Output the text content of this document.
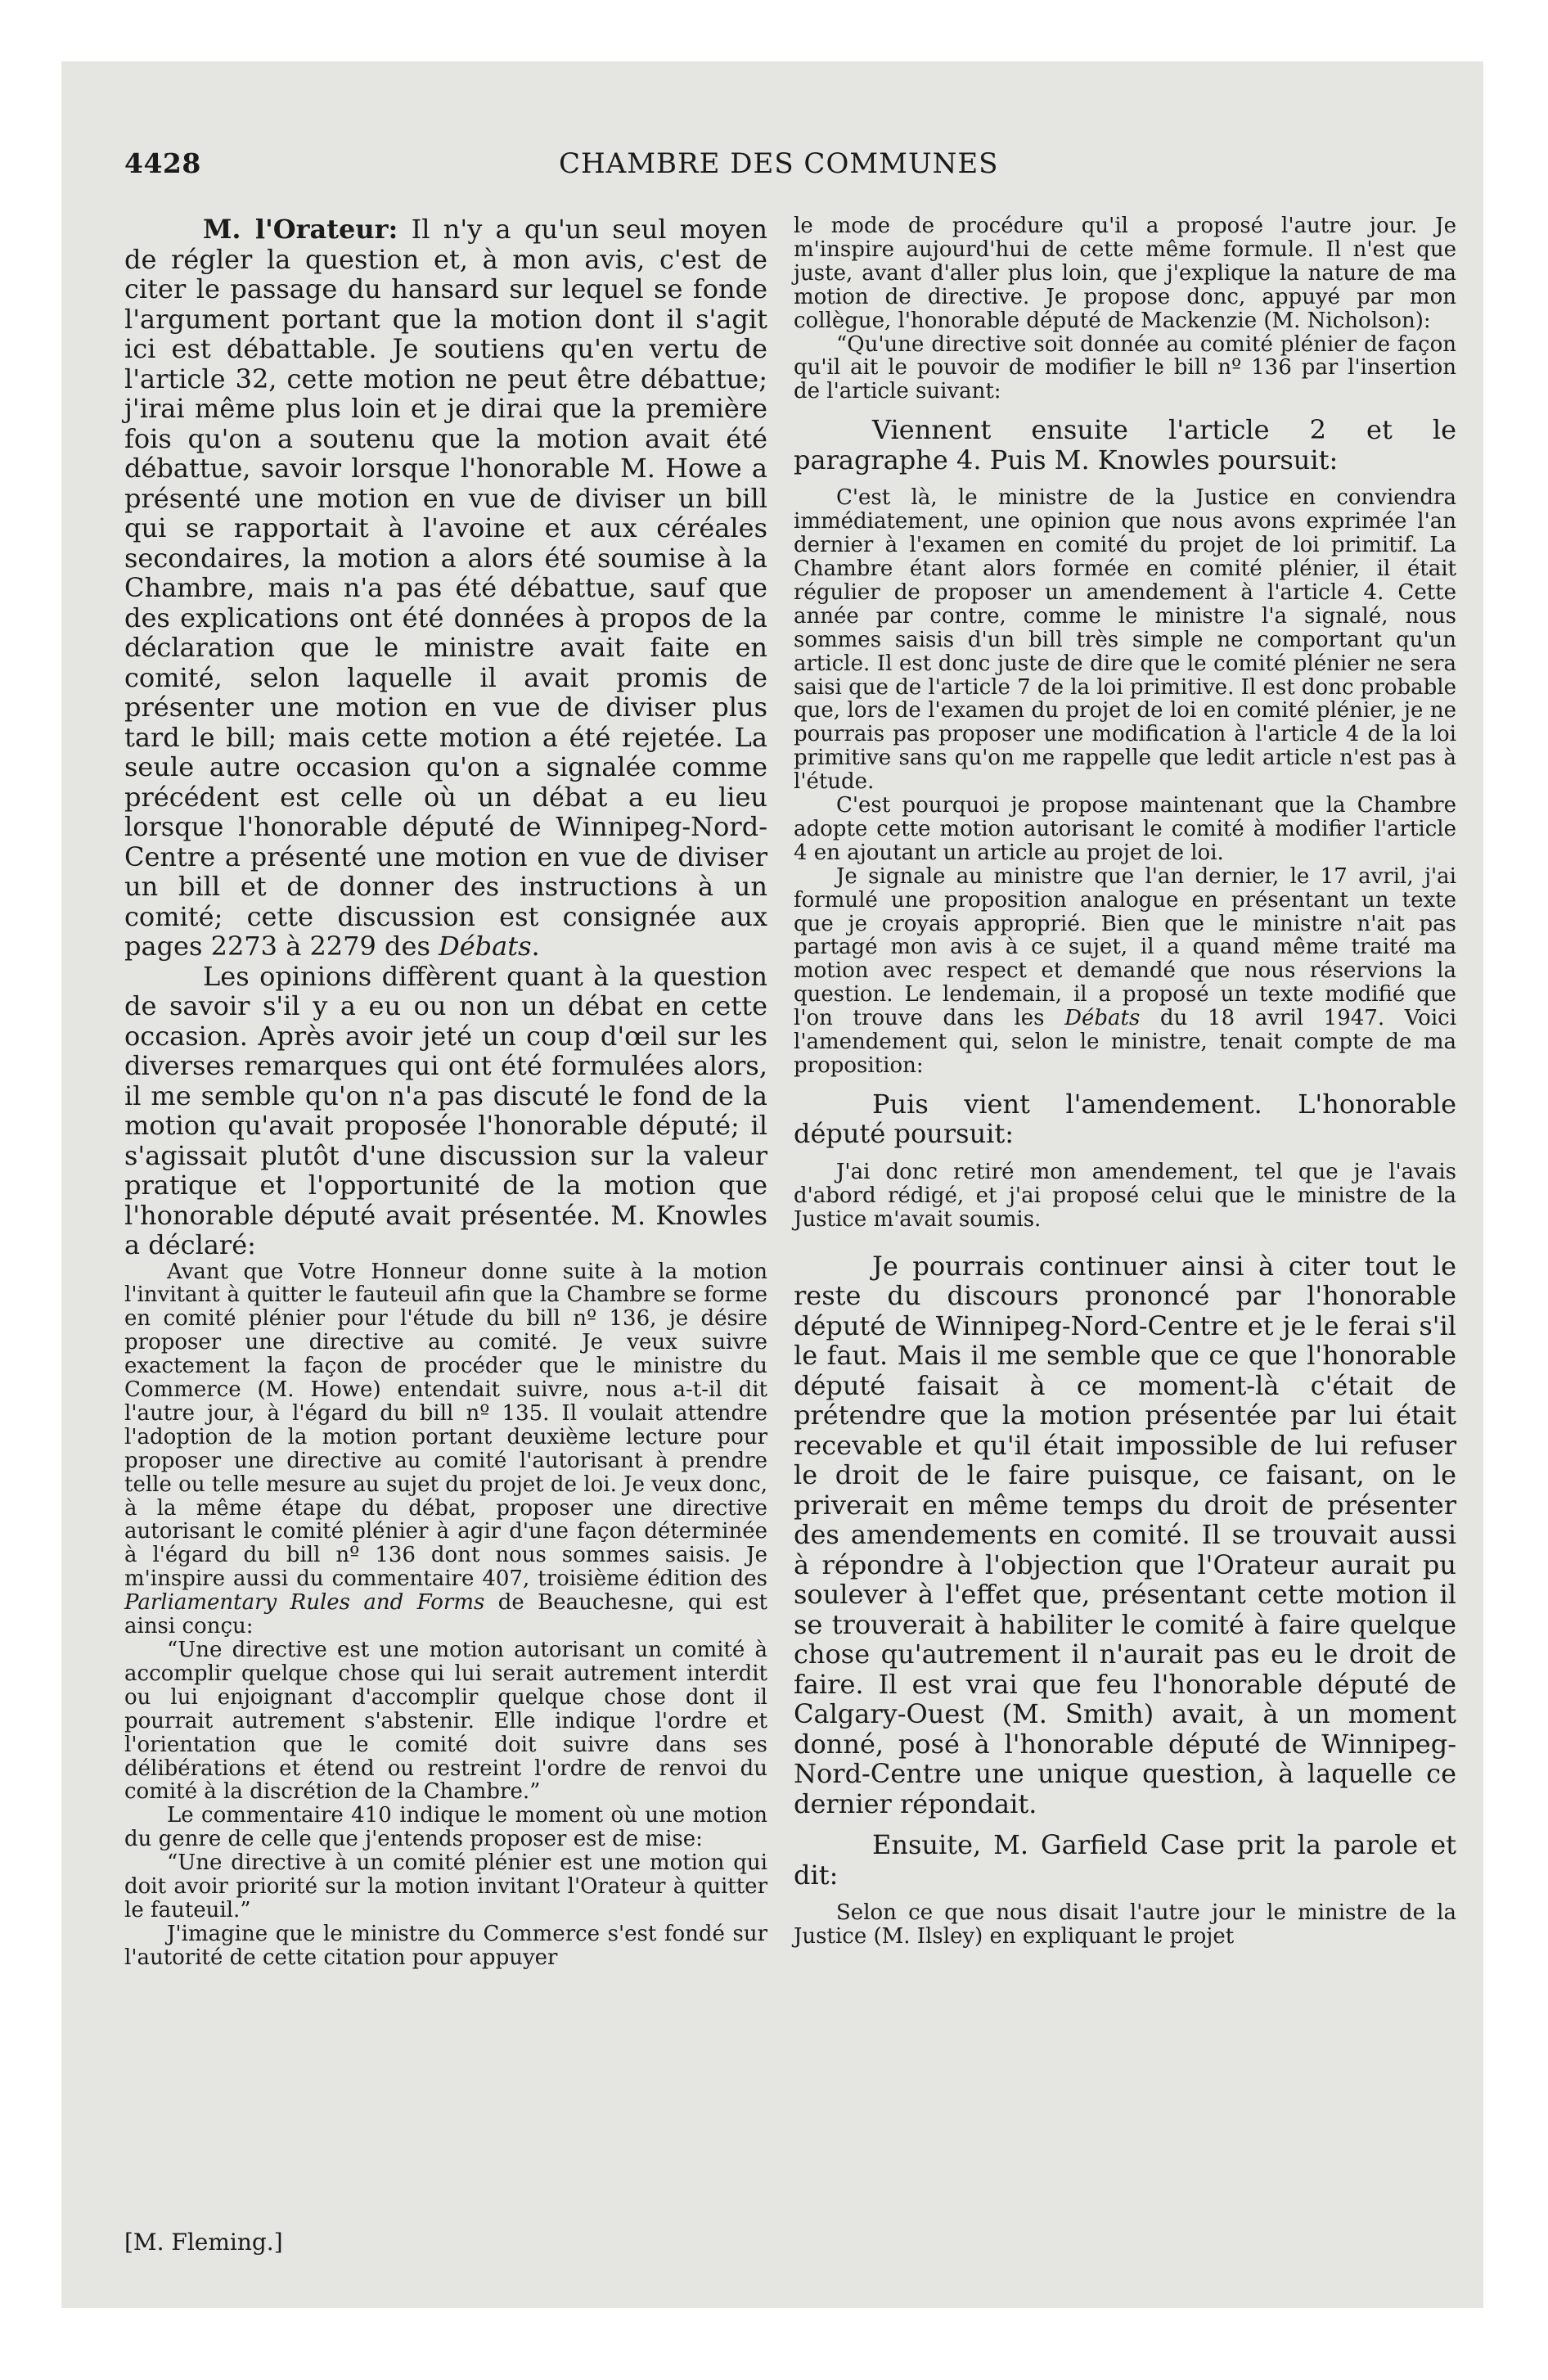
4428	CHAMBRE DES COMMUNES

M. l'Orateur: Il n'y a qu'un seul moyen de régler la question et, à mon avis, c'est de citer le passage du hansard sur lequel se fonde l'argument portant que la motion dont il s'agit ici est débattable. Je soutiens qu'en vertu de l'article 32, cette motion ne peut être débattue; j'irai même plus loin et je dirai que la première fois qu'on a soutenu que la motion avait été débattue, savoir lorsque l'honorable M. Howe a présenté une motion en vue de diviser un bill qui se rapportait à l'avoine et aux céréales secondaires, la motion a alors été soumise à la Chambre, mais n'a pas été débattue, sauf que des explications ont été données à propos de la déclaration que le ministre avait faite en comité, selon laquelle il avait promis de présenter une motion en vue de diviser plus tard le bill; mais cette motion a été rejetée. La seule autre occasion qu'on a signalée comme précédent est celle où un débat a eu lieu lorsque l'honorable député de Winnipeg-Nord-Centre a présenté une motion en vue de diviser un bill et de donner des instructions à un comité; cette discussion est consignée aux pages 2273 à 2279 des Débats.

Les opinions diffèrent quant à la question de savoir s'il y a eu ou non un débat en cette occasion. Après avoir jeté un coup d'œil sur les diverses remarques qui ont été formulées alors, il me semble qu'on n'a pas discuté le fond de la motion qu'avait proposée l'honorable député; il s'agissait plutôt d'une discussion sur la valeur pratique et l'opportunité de la motion que l'honorable député avait présentée. M. Knowles a déclaré:

Avant que Votre Honneur donne suite à la motion l'invitant à quitter le fauteuil afin que la Chambre se forme en comité plénier pour l'étude du bill nº 136, je désire proposer une directive au comité. Je veux suivre exactement la façon de procéder que le ministre du Commerce (M. Howe) entendait suivre, nous a-t-il dit l'autre jour, à l'égard du bill nº 135. Il voulait attendre l'adoption de la motion portant deuxième lecture pour proposer une directive au comité l'autorisant à prendre telle ou telle mesure au sujet du projet de loi. Je veux donc, à la même étape du débat, proposer une directive autorisant le comité plénier à agir d'une façon déterminée à l'égard du bill nº 136 dont nous sommes saisis. Je m'inspire aussi du commentaire 407, troisième édition des Parliamentary Rules and Forms de Beauchesne, qui est ainsi conçu:

“Une directive est une motion autorisant un comité à accomplir quelque chose qui lui serait autrement interdit ou lui enjoignant d'accomplir quelque chose dont il pourrait autrement s'abstenir. Elle indique l'ordre et l'orientation que le comité doit suivre dans ses délibérations et étend ou restreint l'ordre de renvoi du comité à la discrétion de la Chambre.”

Le commentaire 410 indique le moment où une motion du genre de celle que j'entends proposer est de mise:

“Une directive à un comité plénier est une motion qui doit avoir priorité sur la motion invitant l'Orateur à quitter le fauteuil.”

J'imagine que le ministre du Commerce s'est fondé sur l'autorité de cette citation pour appuyer

le mode de procédure qu'il a proposé l'autre jour. Je m'inspire aujourd'hui de cette même formule. Il n'est que juste, avant d'aller plus loin, que j'explique la nature de ma motion de directive. Je propose donc, appuyé par mon collègue, l'honorable député de Mackenzie (M. Nicholson):

“Qu'une directive soit donnée au comité plénier de façon qu'il ait le pouvoir de modifier le bill nº 136 par l'insertion de l'article suivant:

Viennent ensuite l'article 2 et le paragraphe 4. Puis M. Knowles poursuit:

C'est là, le ministre de la Justice en conviendra immédiatement, une opinion que nous avons exprimée l'an dernier à l'examen en comité du projet de loi primitif. La Chambre étant alors formée en comité plénier, il était régulier de proposer un amendement à l'article 4. Cette année par contre, comme le ministre l'a signalé, nous sommes saisis d'un bill très simple ne comportant qu'un article. Il est donc juste de dire que le comité plénier ne sera saisi que de l'article 7 de la loi primitive. Il est donc probable que, lors de l'examen du projet de loi en comité plénier, je ne pourrais pas proposer une modification à l'article 4 de la loi primitive sans qu'on me rappelle que ledit article n'est pas à l'étude.

C'est pourquoi je propose maintenant que la Chambre adopte cette motion autorisant le comité à modifier l'article 4 en ajoutant un article au projet de loi.

Je signale au ministre que l'an dernier, le 17 avril, j'ai formulé une proposition analogue en présentant un texte que je croyais approprié. Bien que le ministre n'ait pas partagé mon avis à ce sujet, il a quand même traité ma motion avec respect et demandé que nous réservions la question. Le lendemain, il a proposé un texte modifié que l'on trouve dans les Débats du 18 avril 1947. Voici l'amendement qui, selon le ministre, tenait compte de ma proposition:

Puis vient l'amendement. L'honorable député poursuit:

J'ai donc retiré mon amendement, tel que je l'avais d'abord rédigé, et j'ai proposé celui que le ministre de la Justice m'avait soumis.

Je pourrais continuer ainsi à citer tout le reste du discours prononcé par l'honorable député de Winnipeg-Nord-Centre et je le ferai s'il le faut. Mais il me semble que ce que l'honorable député faisait à ce moment-là c'était de prétendre que la motion présentée par lui était recevable et qu'il était impossible de lui refuser le droit de le faire puisque, ce faisant, on le priverait en même temps du droit de présenter des amendements en comité. Il se trouvait aussi à répondre à l'objection que l'Orateur aurait pu soulever à l'effet que, présentant cette motion il se trouverait à habiliter le comité à faire quelque chose qu'autrement il n'aurait pas eu le droit de faire. Il est vrai que feu l'honorable député de Calgary-Ouest (M. Smith) avait, à un moment donné, posé à l'honorable député de Winnipeg-Nord-Centre une unique question, à laquelle ce dernier répondait.

Ensuite, M. Garfield Case prit la parole et dit:

Selon ce que nous disait l'autre jour le ministre de la Justice (M. Ilsley) en expliquant le projet

[M. Fleming.]
